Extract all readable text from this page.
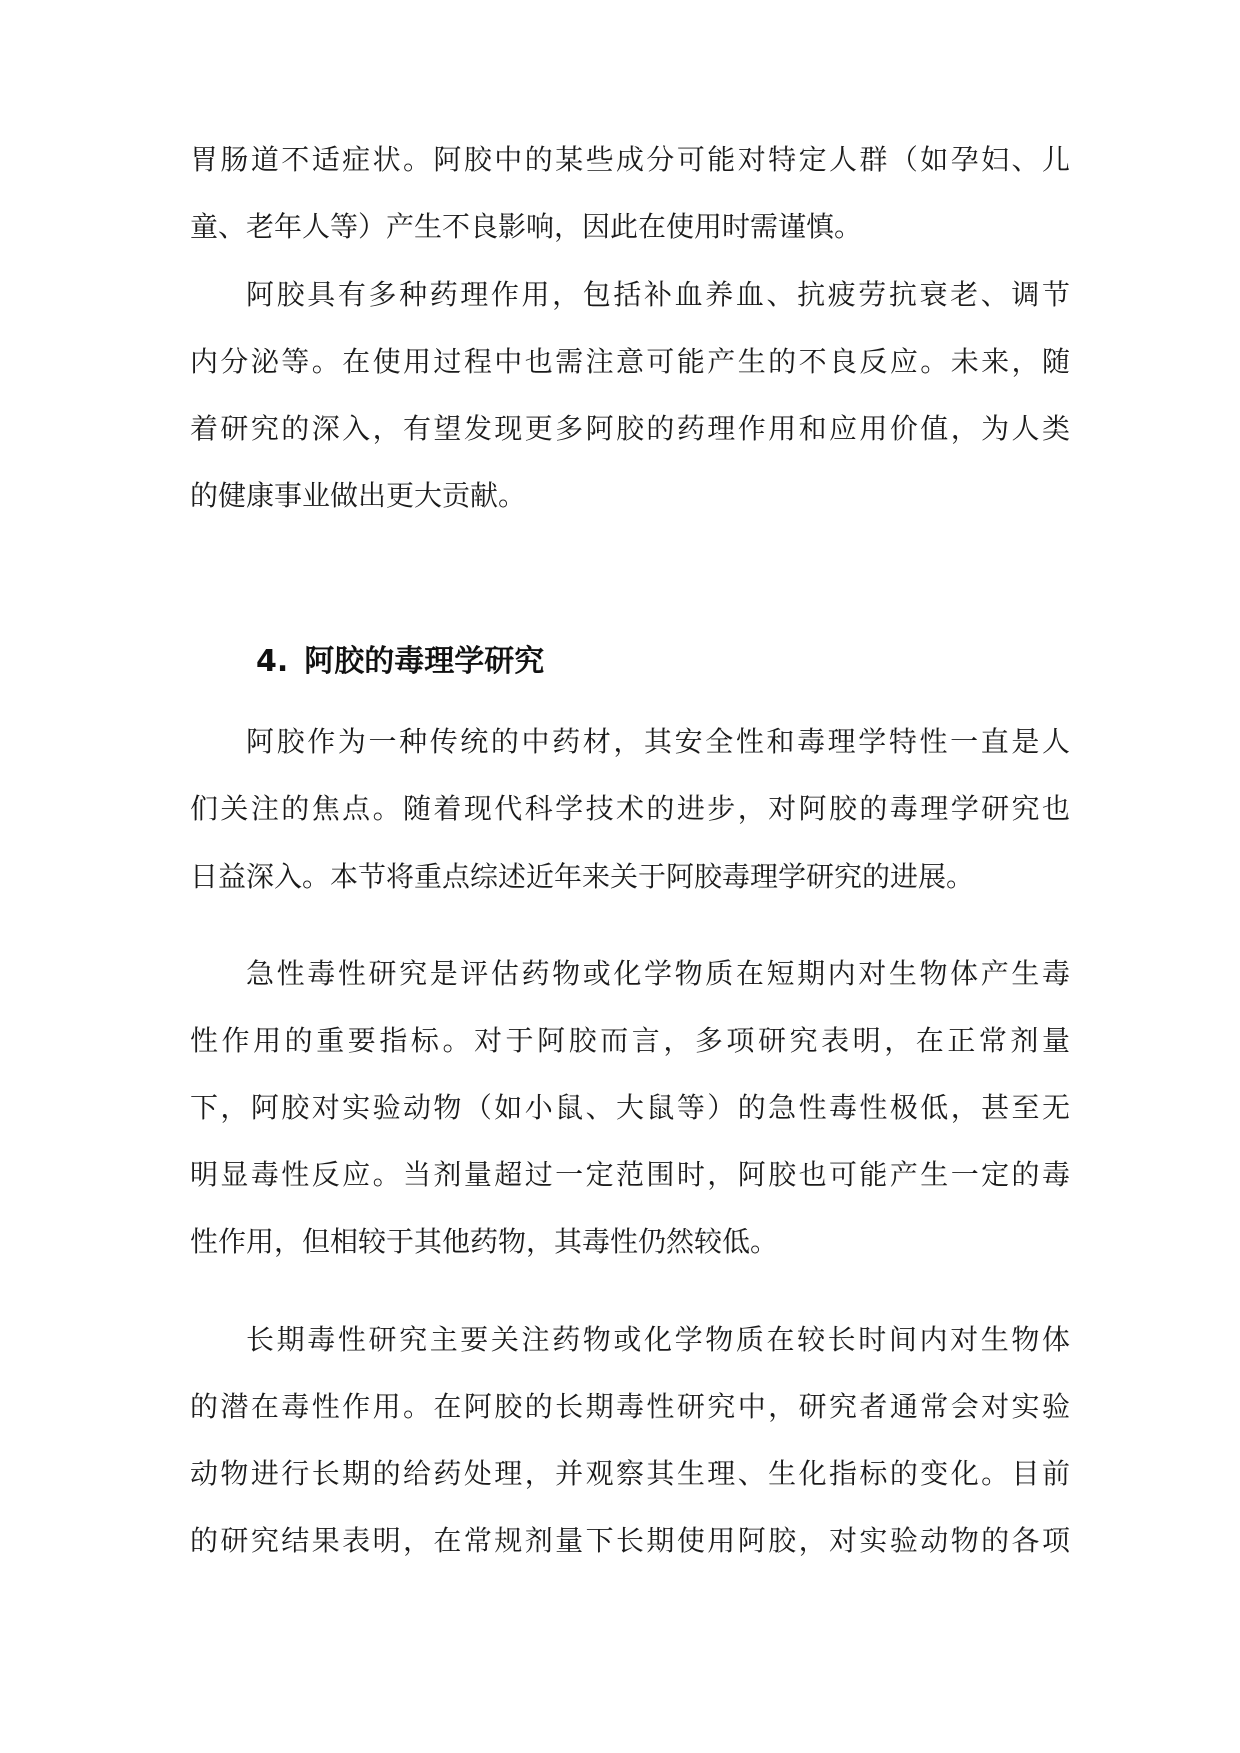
胃肠道不适症状。阿胶中的某些成分可能对特定人群（如孕妇、儿
童、老年人等）产生不良影响，因此在使用时需谨慎。
阿胶具有多种药理作用，包括补血养血、抗疲劳抗衰老、调节
内分泌等。在使用过程中也需注意可能产生的不良反应。未来，随
着研究的深入，有望发现更多阿胶的药理作用和应用价值，为人类
的健康事业做出更大贡献。
4. 阿胶的毒理学研究
阿胶作为一种传统的中药材，其安全性和毒理学特性一直是人
们关注的焦点。随着现代科学技术的进步，对阿胶的毒理学研究也
日益深入。本节将重点综述近年来关于阿胶毒理学研究的进展。
急性毒性研究是评估药物或化学物质在短期内对生物体产生毒
性作用的重要指标。对于阿胶而言，多项研究表明，在正常剂量
下，阿胶对实验动物（如小鼠、大鼠等）的急性毒性极低，甚至无
明显毒性反应。当剂量超过一定范围时，阿胶也可能产生一定的毒
性作用，但相较于其他药物，其毒性仍然较低。
长期毒性研究主要关注药物或化学物质在较长时间内对生物体
的潜在毒性作用。在阿胶的长期毒性研究中，研究者通常会对实验
动物进行长期的给药处理，并观察其生理、生化指标的变化。目前
的研究结果表明，在常规剂量下长期使用阿胶，对实验动物的各项
